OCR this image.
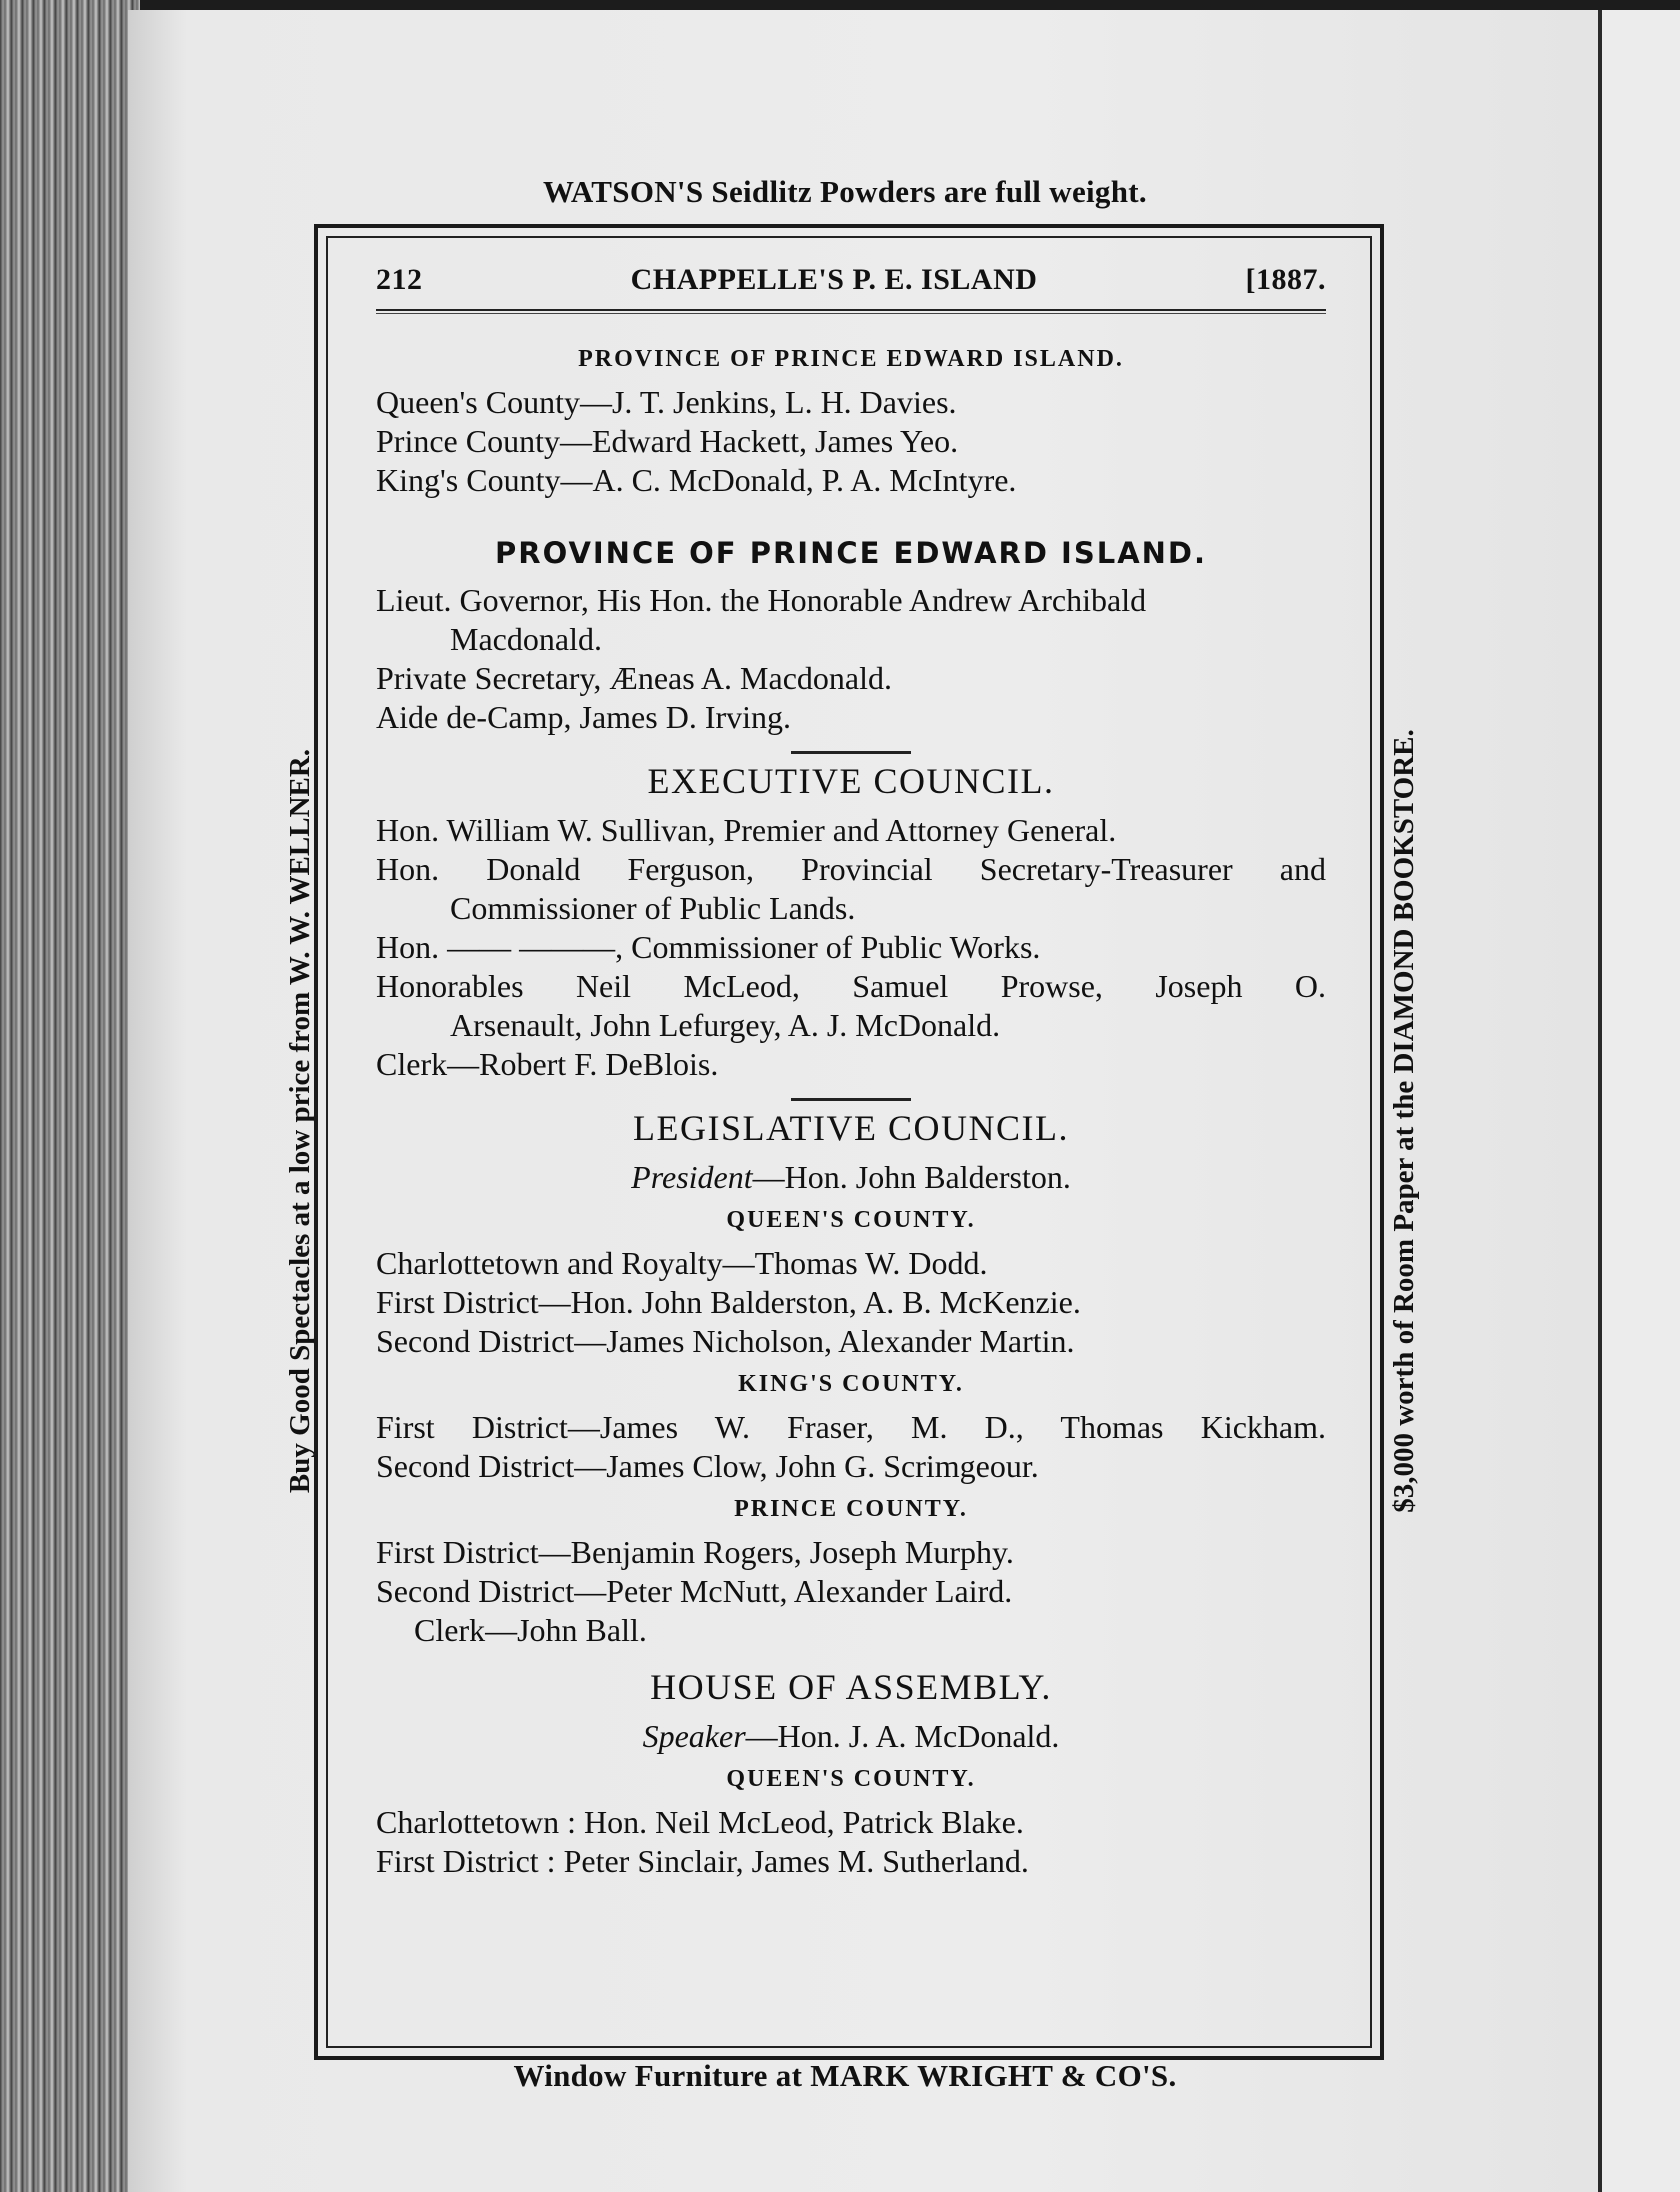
WATSON'S Seidlitz Powders are full weight.
Buy Good Spectacles at a low price from W. W. WELLNER.	$3,000 worth of Room Paper at the DIAMOND BOOKSTORE.
212	CHAPPELLE'S P. E. ISLAND	[1887.
PROVINCE OF PRINCE EDWARD ISLAND.
Queen's County—J. T. Jenkins, L. H. Davies.
Prince County—Edward Hackett, James Yeo.
King's County—A. C. McDonald, P. A. McIntyre.
PROVINCE OF PRINCE EDWARD ISLAND.
Lieut. Governor, His Hon. the Honorable Andrew Archibald
Macdonald.
Private Secretary, Æneas A. Macdonald.
Aide de-Camp, James D. Irving.
EXECUTIVE COUNCIL.
Hon. William W. Sullivan, Premier and Attorney General.
Hon. Donald Ferguson, Provincial Secretary-Treasurer and
Commissioner of Public Lands.
Hon. —— ———, Commissioner of Public Works.
Honorables Neil McLeod, Samuel Prowse, Joseph O.
Arsenault, John Lefurgey, A. J. McDonald.
Clerk—Robert F. DeBlois.
LEGISLATIVE COUNCIL.
President—Hon. John Balderston.
QUEEN'S COUNTY.
Charlottetown and Royalty—Thomas W. Dodd.
First District—Hon. John Balderston, A. B. McKenzie.
Second District—James Nicholson, Alexander Martin.
KING'S COUNTY.
First District—James W. Fraser, M. D., Thomas Kickham.
Second District—James Clow, John G. Scrimgeour.
PRINCE COUNTY.
First District—Benjamin Rogers, Joseph Murphy.
Second District—Peter McNutt, Alexander Laird.
Clerk—John Ball.
HOUSE OF ASSEMBLY.
Speaker—Hon. J. A. McDonald.
QUEEN'S COUNTY.
Charlottetown : Hon. Neil McLeod, Patrick Blake.
First District : Peter Sinclair, James M. Sutherland.
Window Furniture at MARK WRIGHT & CO'S.
